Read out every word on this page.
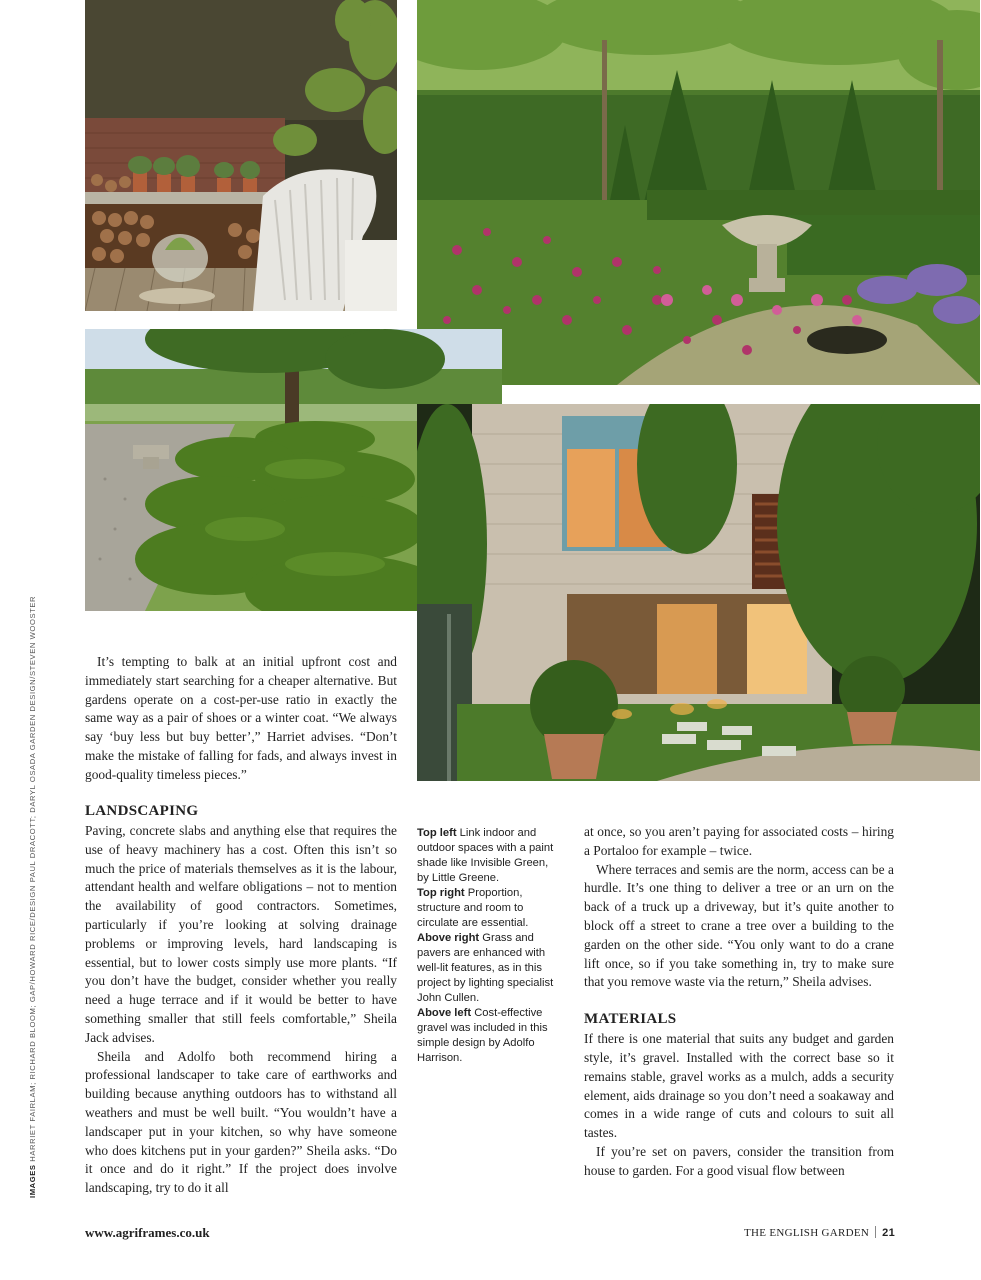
It’s tempting to balk at an initial upfront cost and immediately start searching for a cheaper alternative. But gardens operate on a cost-per-use ratio in exactly the same way as a pair of shoes or a winter coat. “We always say ‘buy less but buy better’,” Harriet advises. “Don’t make the mistake of falling for fads, and always invest in good-quality timeless pieces.”

LANDSCAPING

Paving, concrete slabs and anything else that requires the use of heavy machinery has a cost. Often this isn’t so much the price of materials themselves as it is the labour, attendant health and welfare obligations – not to mention the availability of good contractors. Sometimes, particularly if you’re looking at solving drainage problems or improving levels, hard landscaping is essential, but to lower costs simply use more plants. “If you don’t have the budget, consider whether you really need a huge terrace and if it would be better to have something smaller that still feels comfortable,” Sheila Jack advises.

Sheila and Adolfo both recommend hiring a professional landscaper to take care of earthworks and building because anything outdoors has to withstand all weathers and must be well built. “You wouldn’t have a landscaper put in your kitchen, so why have someone who does kitchens put in your garden?” Sheila asks. “Do it once and do it right.” If the project does involve landscaping, try to do it all

Top left Link indoor and outdoor spaces with a paint shade like Invisible Green, by Little Greene.
Top right Proportion, structure and room to circulate are essential.
Above right Grass and pavers are enhanced with well-lit features, as in this project by lighting specialist John Cullen.
Above left Cost-effective gravel was included in this simple design by Adolfo Harrison.

at once, so you aren’t paying for associated costs – hiring a Portaloo for example – twice.

Where terraces and semis are the norm, access can be a hurdle. It’s one thing to deliver a tree or an urn on the back of a truck up a driveway, but it’s quite another to block off a street to crane a tree over a building to the garden on the other side. “You only want to do a crane lift once, so if you take something in, try to make sure that you remove waste via the return,” Sheila advises.

MATERIALS

If there is one material that suits any budget and garden style, it’s gravel. Installed with the correct base so it remains stable, gravel works as a mulch, adds a security element, aids drainage so you don’t need a soakaway and comes in a wide range of cuts and colours to suit all tastes.

If you’re set on pavers, consider the transition from house to garden. For a good visual flow between

IMAGES HARRIET FAIRLAM; RICHARD BLOOM; GAP/HOWARD RICE/DESIGN PAUL DRACOTT; DARYL OSADA GARDEN DESIGN/STEVEN WOOSTER
www.agriframes.co.uk	THE ENGLISH GARDEN 21
